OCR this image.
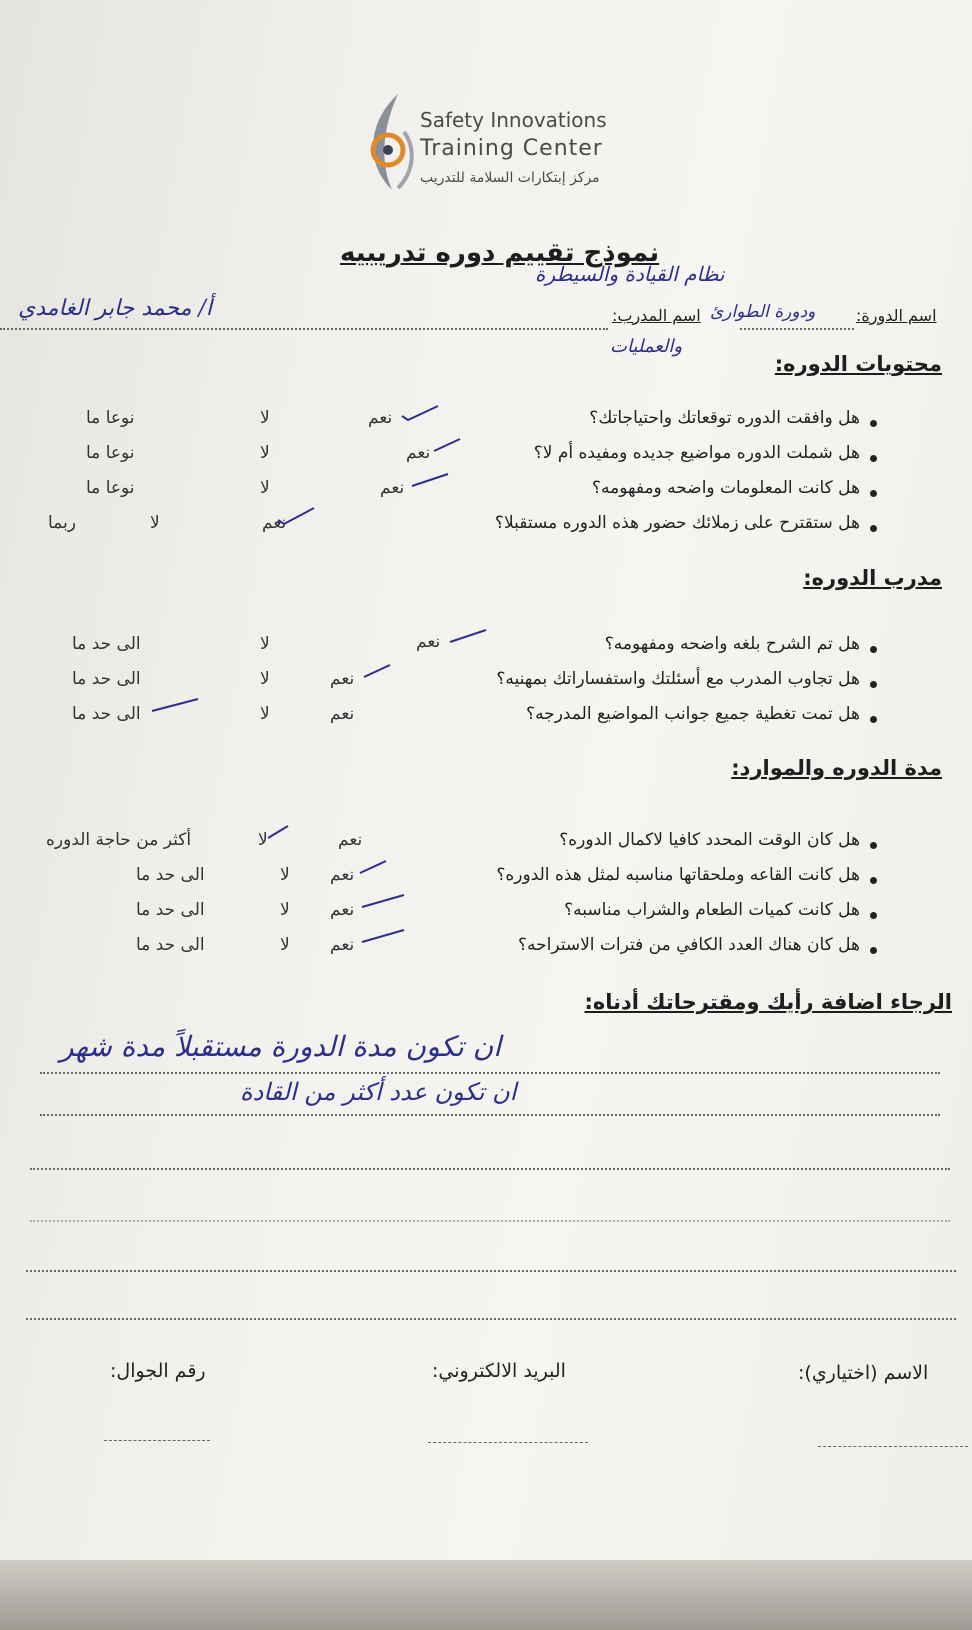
Safety Innovations
Training Center
مركز إبتكارات السلامة للتدريب
نموذج تقييم دوره تدريبيه
نظام القيادة والسيطرة
اسم الدورة:
ودورة الطوارئ
اسم المدرب:
أ/ محمد جابر الغامدي
والعمليات
محتويات الدوره:
هل وافقت الدوره توقعاتك واحتياجاتك؟
نعم
لا
نوعا ما
هل شملت الدوره مواضيع جديده ومفيده أم لا؟
نعم
لا
نوعا ما
هل كانت المعلومات واضحه ومفهومه؟
نعم
لا
نوعا ما
هل ستقترح على زملائك حضور هذه الدوره مستقبلا؟
نعم
لا
ربما
مدرب الدوره:
هل تم الشرح بلغه واضحه ومفهومه؟
نعم
لا
الى حد ما
هل تجاوب المدرب مع أسئلتك واستفساراتك بمهنيه؟
نعم
لا
الى حد ما
هل تمت تغطية جميع جوانب المواضيع المدرجه؟
نعم
لا
الى حد ما
مدة الدوره والموارد:
هل كان الوقت المحدد كافيا لاكمال الدوره؟
نعم
لا
أكثر من حاجة الدوره
هل كانت القاعه وملحقاتها مناسبه لمثل هذه الدوره؟
نعم
لا
الى حد ما
هل كانت كميات الطعام والشراب مناسبه؟
نعم
لا
الى حد ما
هل كان هناك العدد الكافي من فترات الاستراحه؟
نعم
لا
الى حد ما
الرجاء اضافة رأيك ومقترحاتك أدناه:
ان تكون مدة الدورة مستقبلاً مدة شهر
ان تكون عدد أكثر من القادة
الاسم (اختياري):
البريد الالكتروني:
رقم الجوال:
